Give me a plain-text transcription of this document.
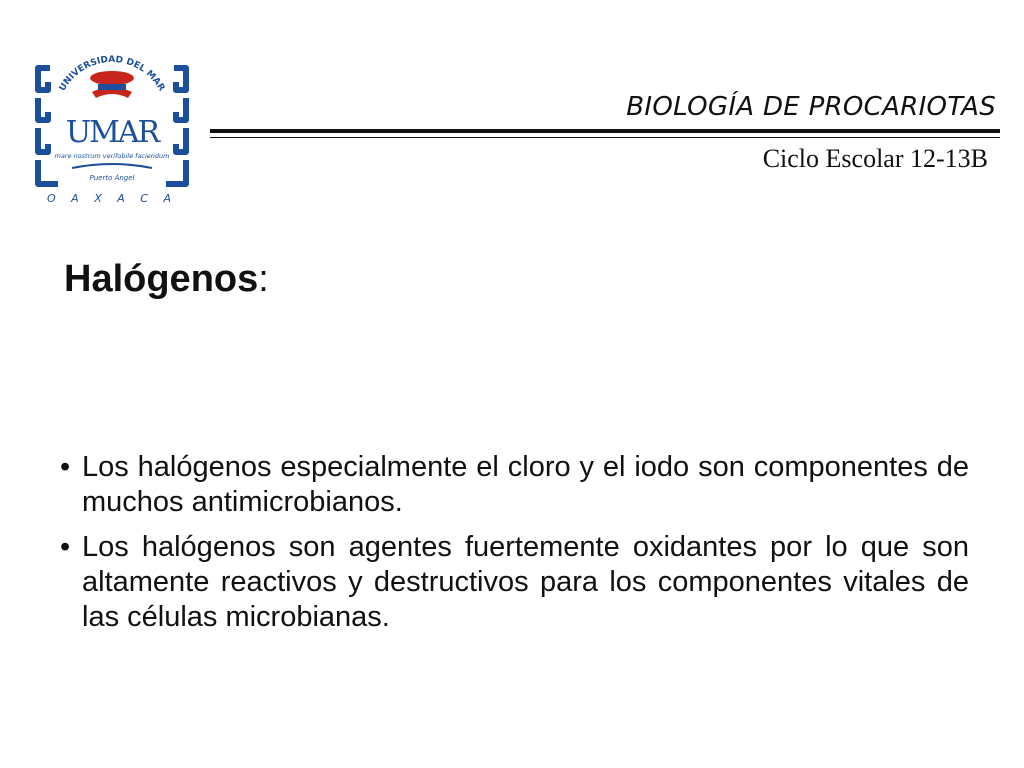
UNIVERSIDAD DEL MAR
UMAR
mare nostrum verifobile faciendum
Puerto Ángel
O A X A C A
BIOLOGÍA DE PROCARIOTAS
Ciclo Escolar 12-13B
Halógenos:
• Los halógenos especialmente el cloro y el iodo son componentes de muchos antimicrobianos.
• Los halógenos son agentes fuertemente oxidantes por lo que son altamente reactivos y destructivos para los componentes vitales de las células microbianas.
